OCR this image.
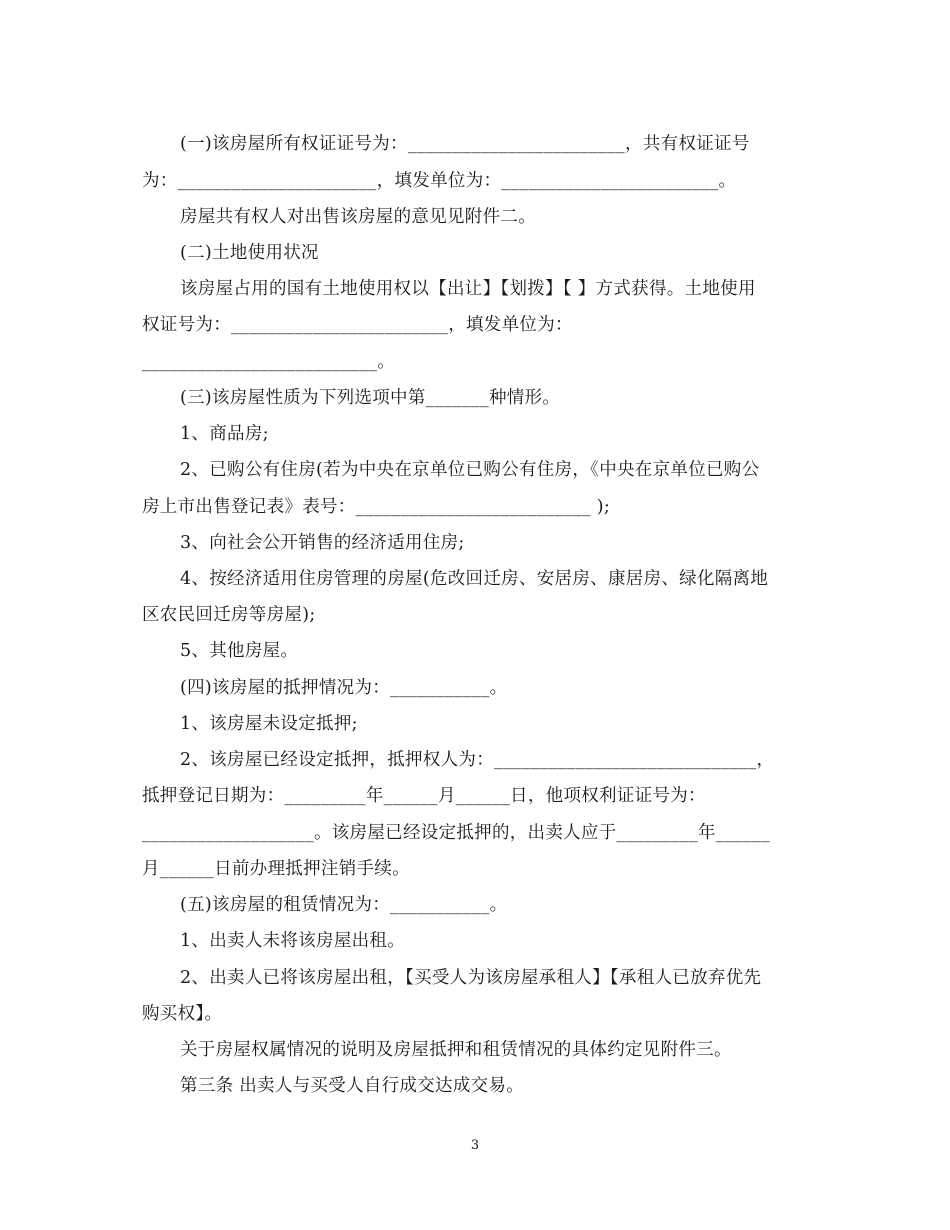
(一)该房屋所有权证证号为：________________________，共有权证证号
为：______________________，填发单位为：________________________。
房屋共有权人对出售该房屋的意见见附件二。
(二)土地使用状况
该房屋占用的国有土地使用权以【出让】【划拨】【 】方式获得。土地使用
权证号为：________________________，填发单位为：
__________________________。
(三)该房屋性质为下列选项中第_______种情形。
1、商品房;
2、已购公有住房(若为中央在京单位已购公有住房，《中央在京单位已购公
房上市出售登记表》表号：__________________________ );
3、向社会公开销售的经济适用住房;
4、按经济适用住房管理的房屋(危改回迁房、安居房、康居房、绿化隔离地
区农民回迁房等房屋);
5、其他房屋。
(四)该房屋的抵押情况为：___________。
1、该房屋未设定抵押;
2、该房屋已经设定抵押，抵押权人为：_____________________________，
抵押登记日期为：_________年______月______日，他项权利证证号为：
___________________。该房屋已经设定抵押的，出卖人应于_________年______
月______日前办理抵押注销手续。
(五)该房屋的租赁情况为：___________。
1、出卖人未将该房屋出租。
2、出卖人已将该房屋出租，【买受人为该房屋承租人】【承租人已放弃优先
购买权】。
关于房屋权属情况的说明及房屋抵押和租赁情况的具体约定见附件三。
第三条 出卖人与买受人自行成交达成交易。
3
